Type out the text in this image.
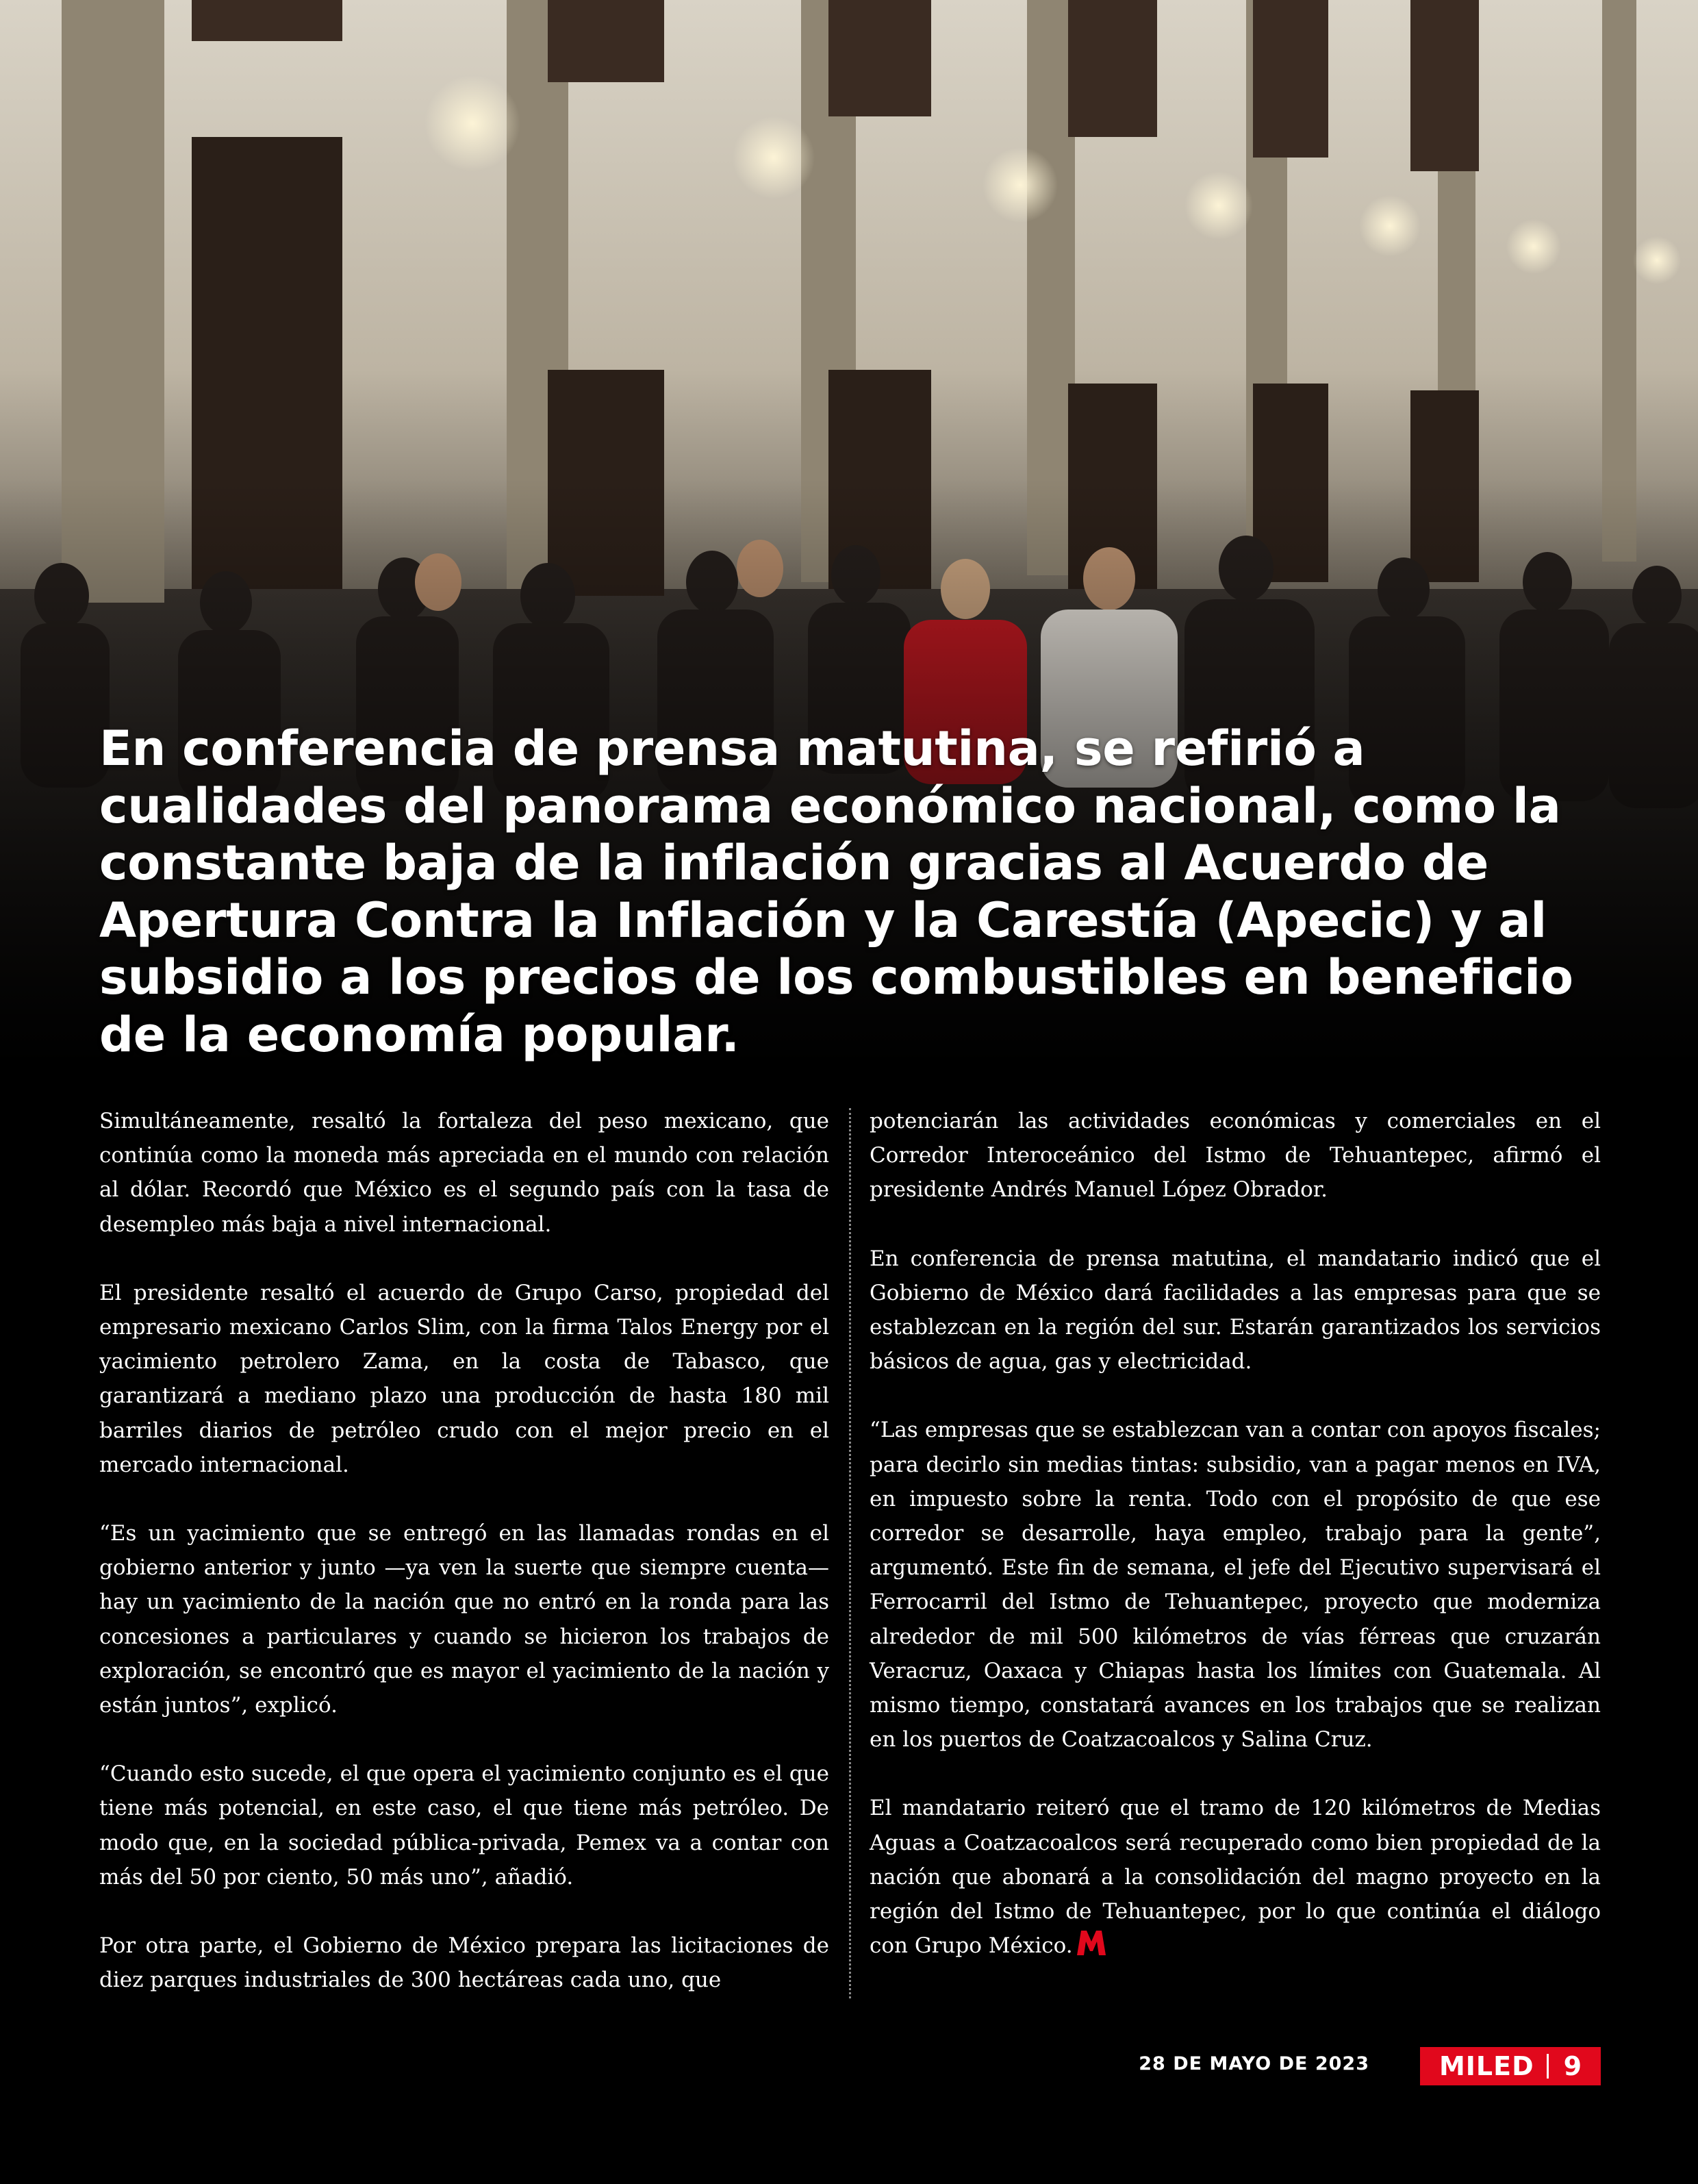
En conferencia de prensa matutina, se refirió a cualidades del panorama económico nacional, como la constante baja de la inflación gracias al Acuerdo de Apertura Contra la Inflación y la Carestía (Apecic) y al subsidio a los precios de los combustibles en beneficio de la economía popular.

Simultáneamente, resaltó la fortaleza del peso mexicano, que continúa como la moneda más apreciada en el mundo con relación al dólar. Recordó que México es el segundo país con la tasa de desempleo más baja a nivel internacional.

El presidente resaltó el acuerdo de Grupo Carso, propiedad del empresario mexicano Carlos Slim, con la firma Talos Energy por el yacimiento petrolero Zama, en la costa de Tabasco, que garantizará a mediano plazo una producción de hasta 180 mil barriles diarios de petróleo crudo con el mejor precio en el mercado internacional.

“Es un yacimiento que se entregó en las llamadas rondas en el gobierno anterior y junto —ya ven la suerte que siempre cuenta— hay un yacimiento de la nación que no entró en la ronda para las concesiones a particulares y cuando se hicieron los trabajos de exploración, se encontró que es mayor el yacimiento de la nación y están juntos”, explicó.

“Cuando esto sucede, el que opera el yacimiento conjunto es el que tiene más potencial, en este caso, el que tiene más petróleo. De modo que, en la sociedad pública-privada, Pemex va a contar con más del 50 por ciento, 50 más uno”, añadió.

Por otra parte, el Gobierno de México prepara las licitaciones de diez parques industriales de 300 hectáreas cada uno, que

potenciarán las actividades económicas y comerciales en el Corredor Interoceánico del Istmo de Tehuantepec, afirmó el presidente Andrés Manuel López Obrador.

En conferencia de prensa matutina, el mandatario indicó que el Gobierno de México dará facilidades a las empresas para que se establezcan en la región del sur. Estarán garantizados los servicios básicos de agua, gas y electricidad.

“Las empresas que se establezcan van a contar con apoyos fiscales; para decirlo sin medias tintas: subsidio, van a pagar menos en IVA, en impuesto sobre la renta. Todo con el propósito de que ese corredor se desarrolle, haya empleo, trabajo para la gente”, argumentó. Este fin de semana, el jefe del Ejecutivo supervisará el Ferrocarril del Istmo de Tehuantepec, proyecto que moderniza alrededor de mil 500 kilómetros de vías férreas que cruzarán Veracruz, Oaxaca y Chiapas hasta los límites con Guatemala. Al mismo tiempo, constatará avances en los trabajos que se realizan en los puertos de Coatzacoalcos y Salina Cruz.

El mandatario reiteró que el tramo de 120 kilómetros de Medias Aguas a Coatzacoalcos será recuperado como bien propiedad de la nación que abonará a la consolidación del magno proyecto en la región del Istmo de Tehuantepec, por lo que continúa el diálogo con Grupo México.

28 DE MAYO DE 2023	MILED 9
